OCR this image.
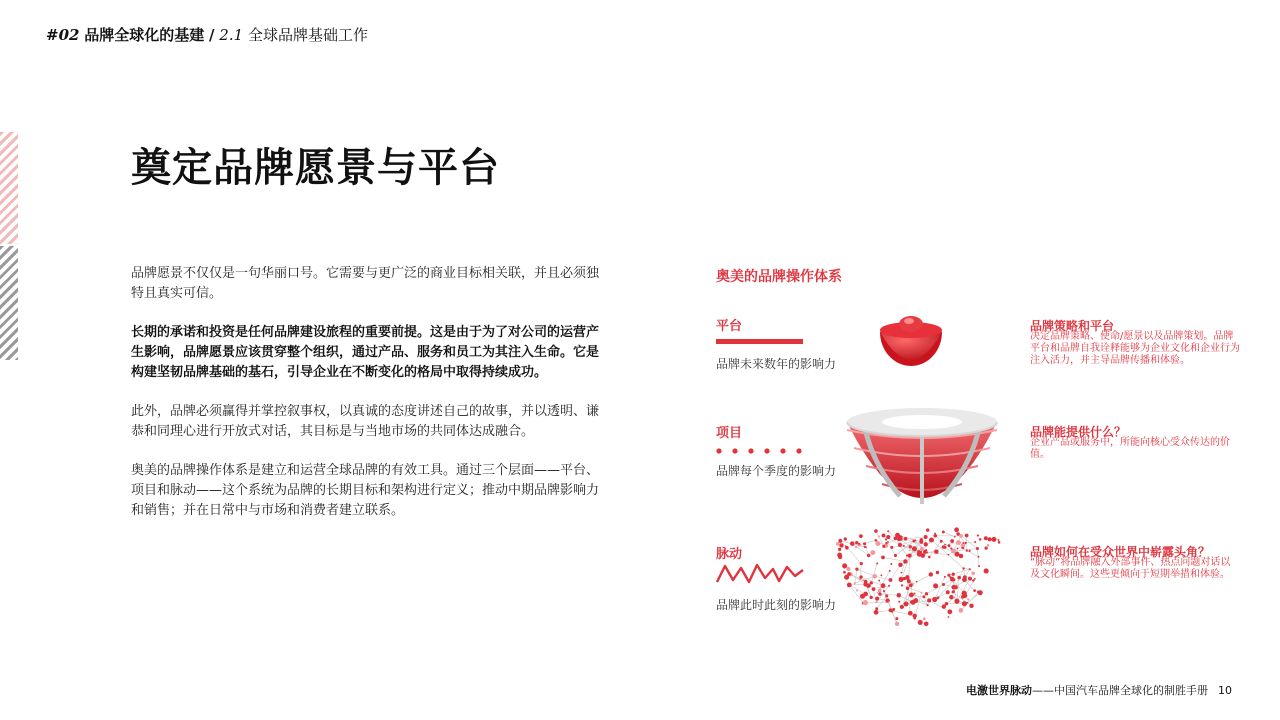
#02 品牌全球化的基建 / 2.1 全球品牌基础工作
奠定品牌愿景与平台

品牌愿景不仅仅是一句华丽口号。它需要与更广泛的商业目标相关联，并且必须独特且真实可信。

长期的承诺和投资是任何品牌建设旅程的重要前提。这是由于为了对公司的运营产生影响，品牌愿景应该贯穿整个组织，通过产品、服务和员工为其注入生命。它是构建坚韧品牌基础的基石，引导企业在不断变化的格局中取得持续成功。

此外，品牌必须赢得并掌控叙事权，以真诚的态度讲述自己的故事，并以透明、谦恭和同理心进行开放式对话，其目标是与当地市场的共同体达成融合。

奥美的品牌操作体系是建立和运营全球品牌的有效工具。通过三个层面——平台、项目和脉动——这个系统为品牌的长期目标和架构进行定义；推动中期品牌影响力和销售；并在日常中与市场和消费者建立联系。

奥美的品牌操作体系
平台
品牌未来数年的影响力
品牌策略和平台
决定品牌策略、使命/愿景以及品牌策划。品牌平台和品牌自我诠释能够为企业文化和企业行为注入活力，并主导品牌传播和体验。
项目
品牌每个季度的影响力
品牌能提供什么？
企业产品或服务中，所能向核心受众传达的价值。
脉动
品牌此时此刻的影响力
品牌如何在受众世界中崭露头角？
“脉动”将品牌融入外部事件、热点问题对话以及文化瞬间。这些更倾向于短期举措和体验。
电激世界脉动——中国汽车品牌全球化的制胜手册 10
